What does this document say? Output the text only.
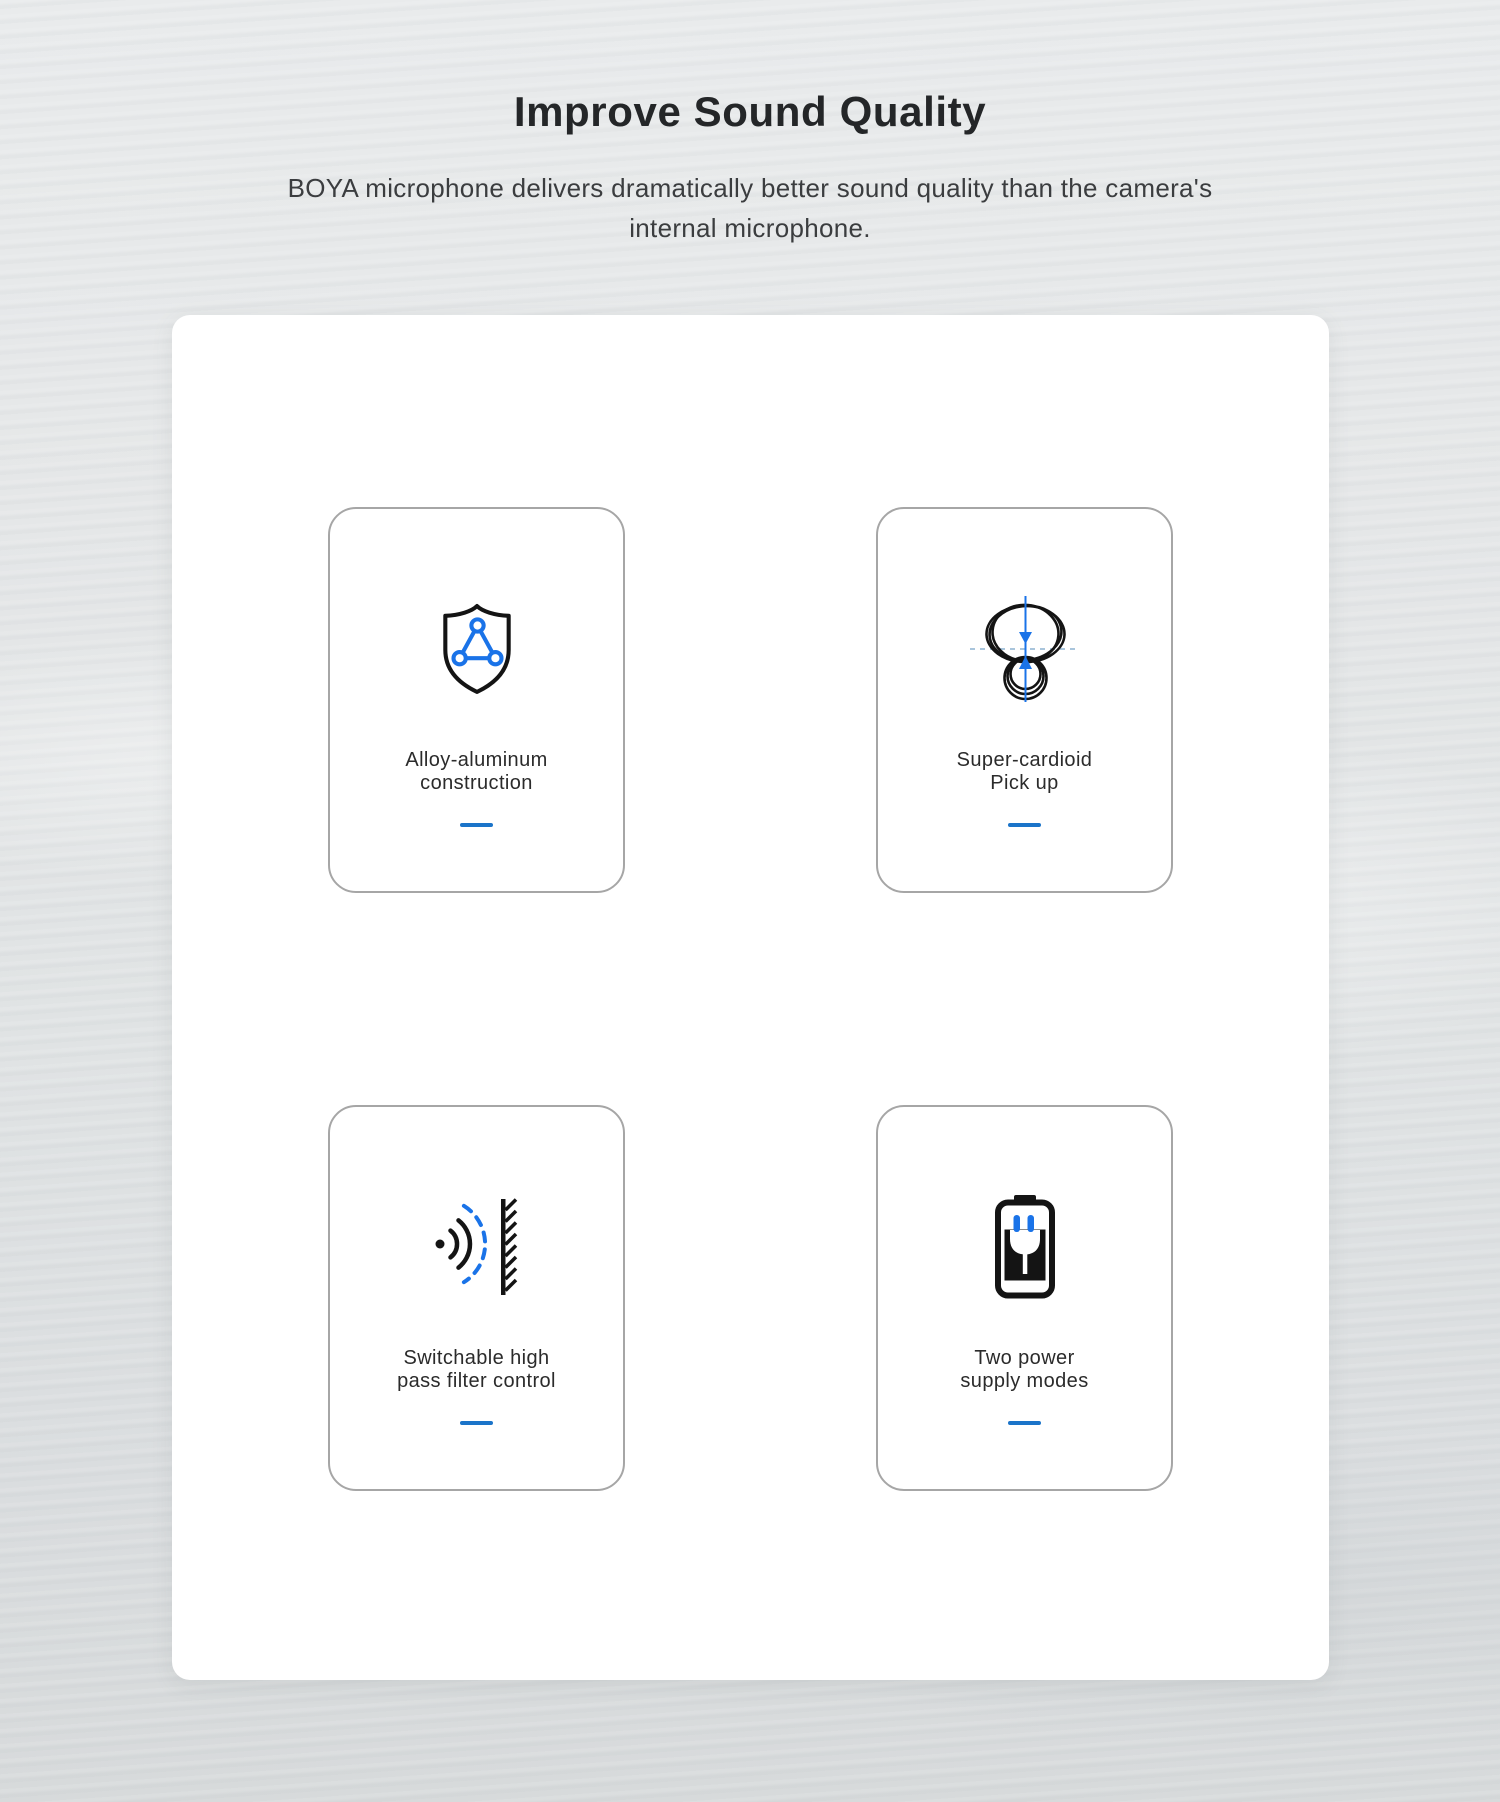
Improve Sound Quality
BOYA microphone delivers dramatically better sound quality than the camera's
internal microphone.
Alloy-aluminum
construction
Super-cardioid
Pick up
Switchable high
pass filter control
Two power
supply modes
